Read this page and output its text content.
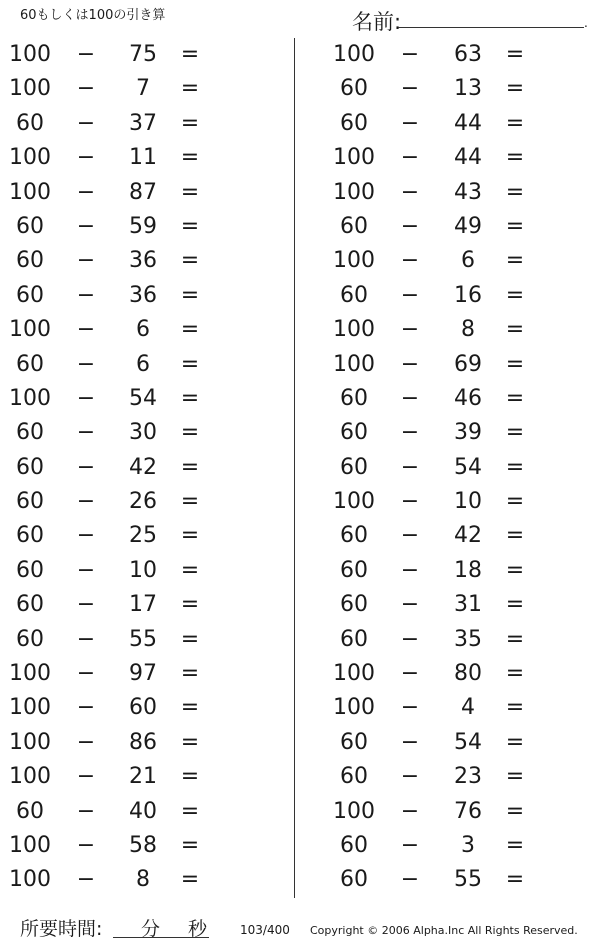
60もしくは100の引き算	名前:	.
100	−	75	=
100	−	7	=
60	−	37	=
100	−	11	=
100	−	87	=
60	−	59	=
60	−	36	=
60	−	36	=
100	−	6	=
60	−	6	=
100	−	54	=
60	−	30	=
60	−	42	=
60	−	26	=
60	−	25	=
60	−	10	=
60	−	17	=
60	−	55	=
100	−	97	=
100	−	60	=
100	−	86	=
100	−	21	=
60	−	40	=
100	−	58	=
100	−	8	=
100	−	63	=
60	−	13	=
60	−	44	=
100	−	44	=
100	−	43	=
60	−	49	=
100	−	6	=
60	−	16	=
100	−	8	=
100	−	69	=
60	−	46	=
60	−	39	=
60	−	54	=
100	−	10	=
60	−	42	=
60	−	18	=
60	−	31	=
60	−	35	=
100	−	80	=
100	−	4	=
60	−	54	=
60	−	23	=
100	−	76	=
60	−	3	=
60	−	55	=
所要時間: 分 秒	103/400 Copyright © 2006 Alpha.Inc All Rights Reserved.
